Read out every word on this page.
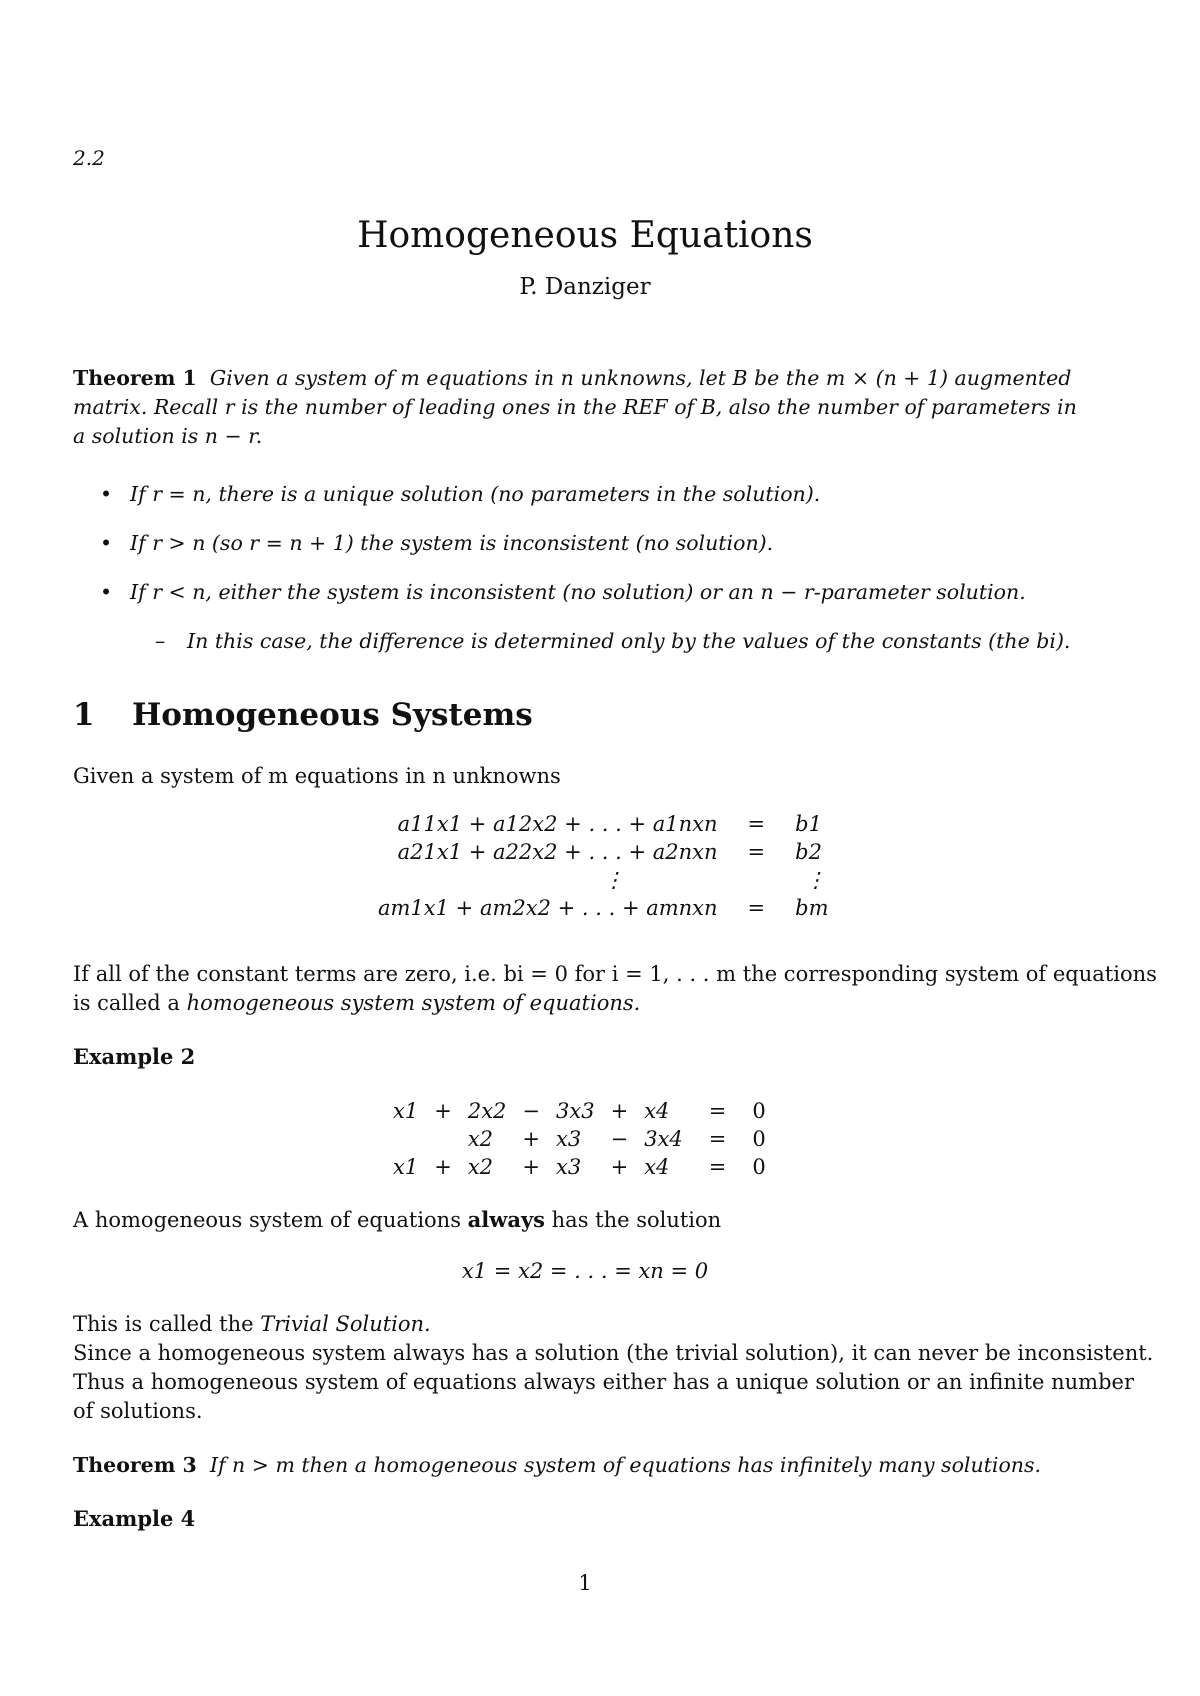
2.2
Homogeneous Equations
P. Danziger
Theorem 1 Given a system of m equations in n unknowns, let B be the m × (n + 1) augmented
matrix. Recall r is the number of leading ones in the REF of B, also the number of parameters in
a solution is n − r.
• If r = n, there is a unique solution (no parameters in the solution).
• If r > n (so r = n + 1) the system is inconsistent (no solution).
• If r < n, either the system is inconsistent (no solution) or an n − r-parameter solution.
– In this case, the difference is determined only by the values of the constants (the bi).
1 Homogeneous Systems
Given a system of m equations in n unknowns
a11x1 + a12x2 + . . . + a1nxn	=	b1
a21x1 + a22x2 + . . . + a2nxn	=	b2
⋮		⋮
am1x1 + am2x2 + . . . + amnxn	=	bm
If all of the constant terms are zero, i.e. bi = 0 for i = 1, . . . m the corresponding system of equations
is called a homogeneous system system of equations.
Example 2
x1	+	2x2	−	3x3	+	x4	=	0
		x2	+	x3	−	3x4	=	0
x1	+	x2	+	x3	+	x4	=	0
A homogeneous system of equations always has the solution
x1 = x2 = . . . = xn = 0
This is called the Trivial Solution.
Since a homogeneous system always has a solution (the trivial solution), it can never be inconsistent.
Thus a homogeneous system of equations always either has a unique solution or an infinite number
of solutions.
Theorem 3 If n > m then a homogeneous system of equations has infinitely many solutions.
Example 4
1
